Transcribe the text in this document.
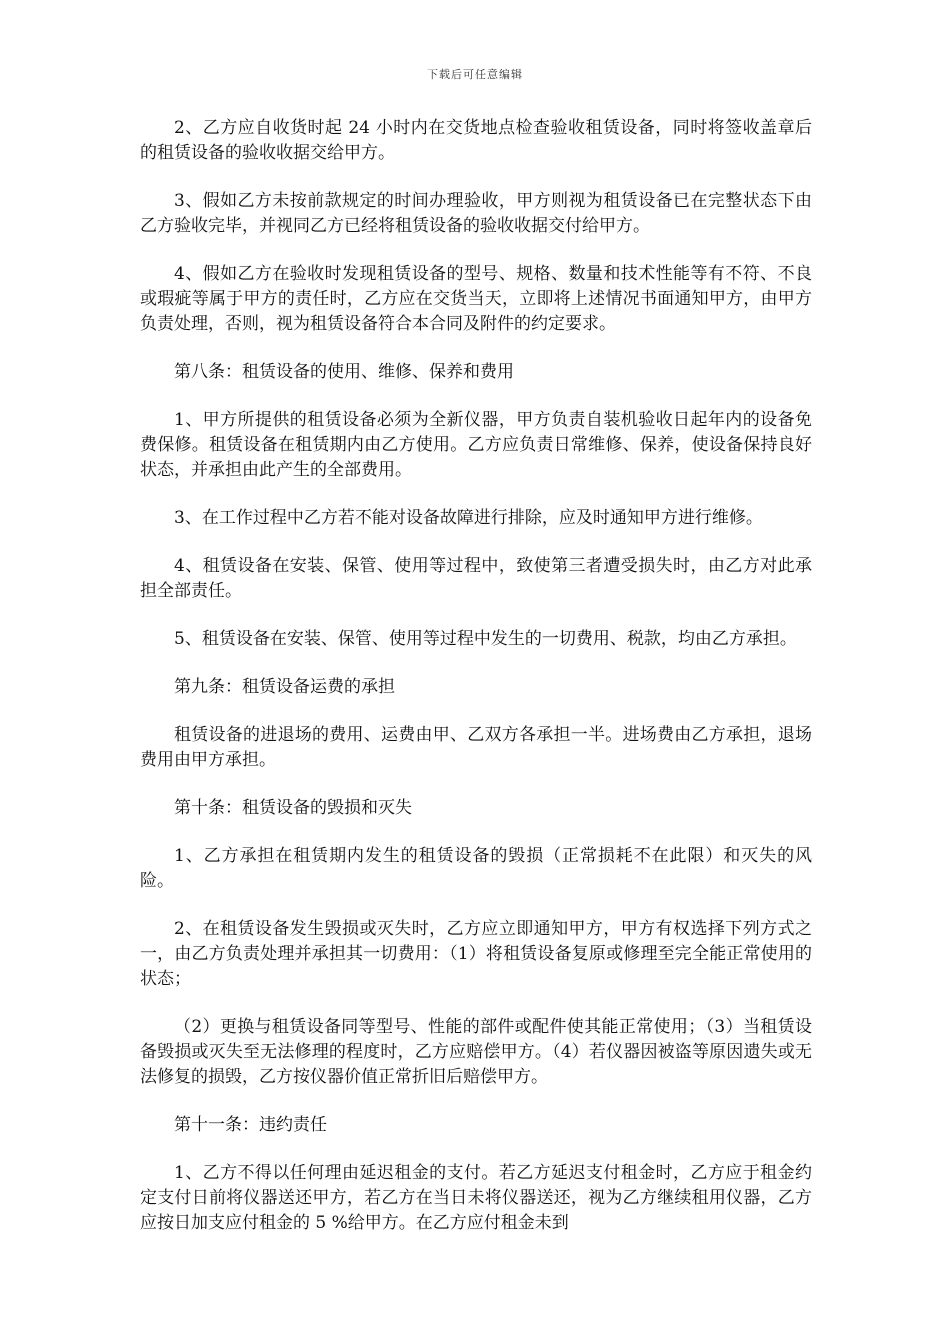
下载后可任意编辑

2、乙方应自收货时起 24 小时内在交货地点检查验收租赁设备，同时将签收盖章后的租赁设备的验收收据交给甲方。

3、假如乙方未按前款规定的时间办理验收，甲方则视为租赁设备已在完整状态下由乙方验收完毕，并视同乙方已经将租赁设备的验收收据交付给甲方。

4、假如乙方在验收时发现租赁设备的型号、规格、数量和技术性能等有不符、不良或瑕疵等属于甲方的责任时，乙方应在交货当天，立即将上述情况书面通知甲方，由甲方负责处理，否则，视为租赁设备符合本合同及附件的约定要求。

第八条：租赁设备的使用、维修、保养和费用

1、甲方所提供的租赁设备必须为全新仪器，甲方负责自装机验收日起年内的设备免费保修。租赁设备在租赁期内由乙方使用。乙方应负责日常维修、保养，使设备保持良好状态，并承担由此产生的全部费用。

3、在工作过程中乙方若不能对设备故障进行排除，应及时通知甲方进行维修。

4、租赁设备在安装、保管、使用等过程中，致使第三者遭受损失时，由乙方对此承担全部责任。

5、租赁设备在安装、保管、使用等过程中发生的一切费用、税款，均由乙方承担。

第九条：租赁设备运费的承担

租赁设备的进退场的费用、运费由甲、乙双方各承担一半。进场费由乙方承担，退场费用由甲方承担。

第十条：租赁设备的毁损和灭失

1、乙方承担在租赁期内发生的租赁设备的毁损（正常损耗不在此限）和灭失的风险。

2、在租赁设备发生毁损或灭失时，乙方应立即通知甲方，甲方有权选择下列方式之一，由乙方负责处理并承担其一切费用：（1）将租赁设备复原或修理至完全能正常使用的状态；

（2）更换与租赁设备同等型号、性能的部件或配件使其能正常使用；（3）当租赁设备毁损或灭失至无法修理的程度时，乙方应赔偿甲方。（4）若仪器因被盗等原因遗失或无法修复的损毁，乙方按仪器价值正常折旧后赔偿甲方。

第十一条：违约责任

1、乙方不得以任何理由延迟租金的支付。若乙方延迟支付租金时，乙方应于租金约定支付日前将仪器送还甲方，若乙方在当日未将仪器送还，视为乙方继续租用仪器，乙方应按日加支应付租金的 5 %给甲方。在乙方应付租金未到
